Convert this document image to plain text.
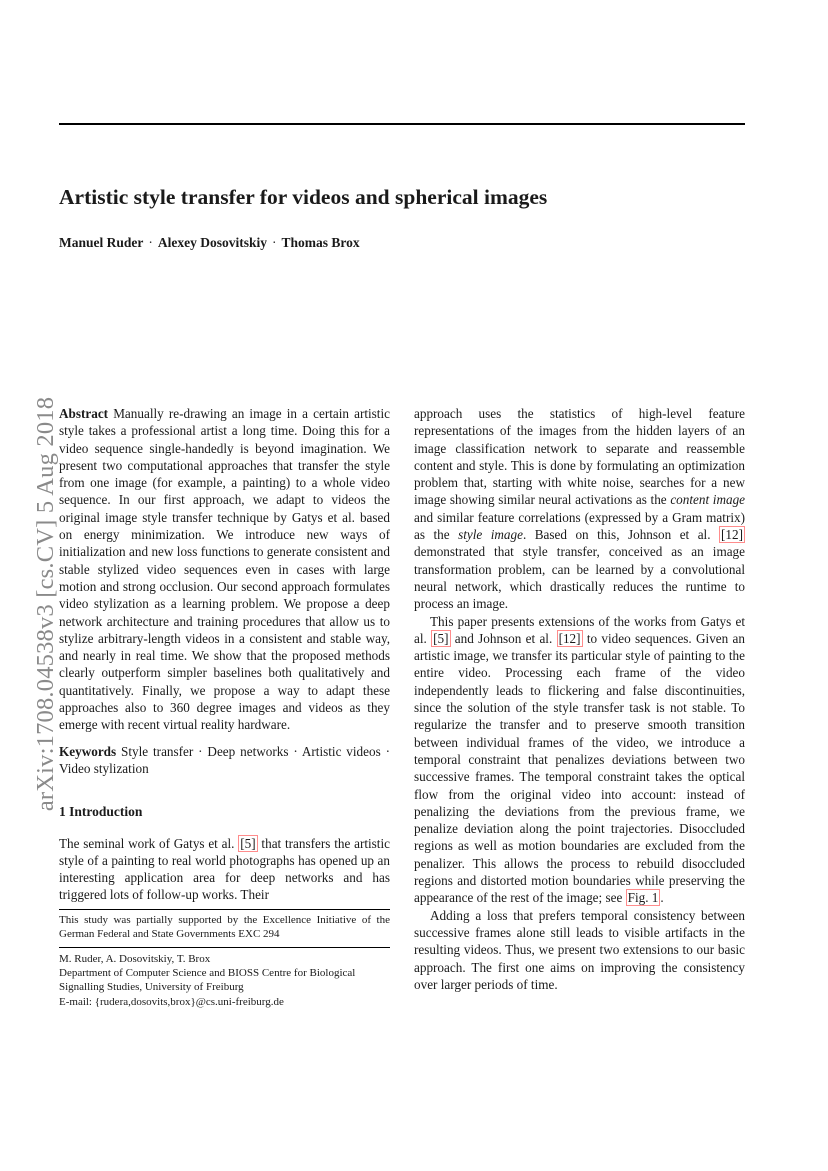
Artistic style transfer for videos and spherical images
Manuel Ruder · Alexey Dosovitskiy · Thomas Brox
arXiv:1708.04538v3 [cs.CV] 5 Aug 2018 Abstract Manually re-drawing an image in a certain artistic style takes a professional artist a long time. Doing this for a video sequence single-handedly is beyond imagination. We present two computational approaches that transfer the style from one image (for example, a painting) to a whole video sequence. In our first approach, we adapt to videos the original image style transfer technique by Gatys et al. based on energy minimization. We introduce new ways of initialization and new loss functions to generate consistent and stable stylized video sequences even in cases with large motion and strong occlusion. Our second approach formulates video stylization as a learning problem. We propose a deep network architecture and training procedures that allow us to stylize arbitrary-length videos in a consistent and stable way, and nearly in real time. We show that the proposed methods clearly outperform simpler baselines both qualitatively and quantitatively. Finally, we propose a way to adapt these approaches also to 360 degree images and videos as they emerge with recent virtual reality hardware.

Keywords Style transfer · Deep networks · Artistic videos · Video stylization

1 Introduction

The seminal work of Gatys et al. [5] that transfers the artistic style of a painting to real world photographs has opened up an interesting application area for deep networks and has triggered lots of follow-up works. Their

This study was partially supported by the Excellence Initiative of the German Federal and State Governments EXC 294

M. Ruder, A. Dosovitskiy, T. Brox
Department of Computer Science and BIOSS Centre for Biological Signalling Studies, University of Freiburg
E-mail: {rudera,dosovits,brox}@cs.uni-freiburg.de

approach uses the statistics of high-level feature representations of the images from the hidden layers of an image classification network to separate and reassemble content and style. This is done by formulating an optimization problem that, starting with white noise, searches for a new image showing similar neural activations as the content image and similar feature correlations (expressed by a Gram matrix) as the style image. Based on this, Johnson et al. [12] demonstrated that style transfer, conceived as an image transformation problem, can be learned by a convolutional neural network, which drastically reduces the runtime to process an image.

This paper presents extensions of the works from Gatys et al. [5] and Johnson et al. [12] to video sequences. Given an artistic image, we transfer its particular style of painting to the entire video. Processing each frame of the video independently leads to flickering and false discontinuities, since the solution of the style transfer task is not stable. To regularize the transfer and to preserve smooth transition between individual frames of the video, we introduce a temporal constraint that penalizes deviations between two successive frames. The temporal constraint takes the optical flow from the original video into account: instead of penalizing the deviations from the previous frame, we penalize deviation along the point trajectories. Disoccluded regions as well as motion boundaries are excluded from the penalizer. This allows the process to rebuild disoccluded regions and distorted motion boundaries while preserving the appearance of the rest of the image; see Fig. 1 .

Adding a loss that prefers temporal consistency between successive frames alone still leads to visible artifacts in the resulting videos. Thus, we present two extensions to our basic approach. The first one aims on improving the consistency over larger periods of time.
